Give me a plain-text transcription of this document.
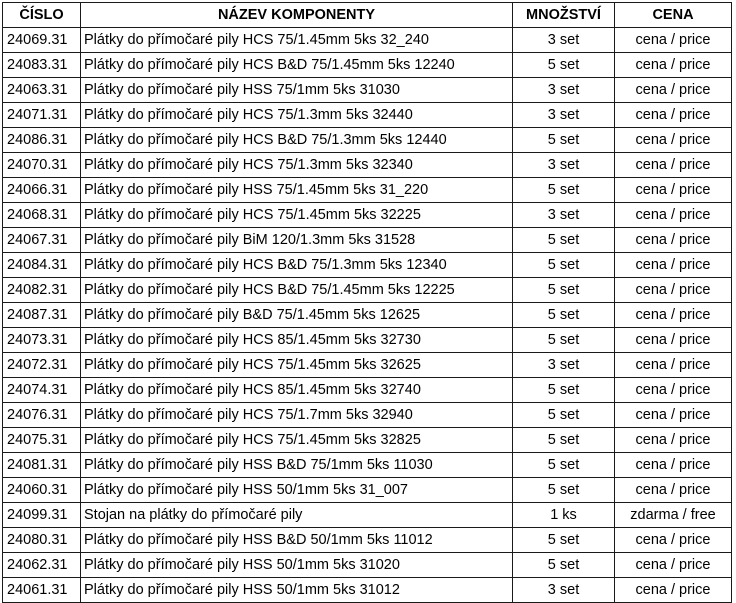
ČÍSLO	NÁZEV KOMPONENTY	MNOŽSTVÍ	CENA
24069.31	Plátky do přímočaré pily HCS 75/1.45mm 5ks 32_240	3 set	cena / price
24083.31	Plátky do přímočaré pily HCS B&D 75/1.45mm 5ks 12240	5 set	cena / price
24063.31	Plátky do přímočaré pily HSS 75/1mm 5ks 31030	3 set	cena / price
24071.31	Plátky do přímočaré pily HCS 75/1.3mm 5ks 32440	3 set	cena / price
24086.31	Plátky do přímočaré pily HCS B&D 75/1.3mm 5ks 12440	5 set	cena / price
24070.31	Plátky do přímočaré pily HCS 75/1.3mm 5ks 32340	3 set	cena / price
24066.31	Plátky do přímočaré pily HSS 75/1.45mm 5ks 31_220	5 set	cena / price
24068.31	Plátky do přímočaré pily HCS 75/1.45mm 5ks 32225	3 set	cena / price
24067.31	Plátky do přímočaré pily BiM 120/1.3mm 5ks 31528	5 set	cena / price
24084.31	Plátky do přímočaré pily HCS B&D 75/1.3mm 5ks 12340	5 set	cena / price
24082.31	Plátky do přímočaré pily HCS B&D 75/1.45mm 5ks 12225	5 set	cena / price
24087.31	Plátky do přímočaré pily B&D 75/1.45mm 5ks 12625	5 set	cena / price
24073.31	Plátky do přímočaré pily HCS 85/1.45mm 5ks 32730	5 set	cena / price
24072.31	Plátky do přímočaré pily HCS 75/1.45mm 5ks 32625	3 set	cena / price
24074.31	Plátky do přímočaré pily HCS 85/1.45mm 5ks 32740	5 set	cena / price
24076.31	Plátky do přímočaré pily HCS 75/1.7mm 5ks 32940	5 set	cena / price
24075.31	Plátky do přímočaré pily HCS 75/1.45mm 5ks 32825	5 set	cena / price
24081.31	Plátky do přímočaré pily HSS B&D 75/1mm 5ks 11030	5 set	cena / price
24060.31	Plátky do přímočaré pily HSS 50/1mm 5ks 31_007	5 set	cena / price
24099.31	Stojan na plátky do přímočaré pily	1 ks	zdarma / free
24080.31	Plátky do přímočaré pily HSS B&D 50/1mm 5ks 11012	5 set	cena / price
24062.31	Plátky do přímočaré pily HSS 50/1mm 5ks 31020	5 set	cena / price
24061.31	Plátky do přímočaré pily HSS 50/1mm 5ks 31012	3 set	cena / price
